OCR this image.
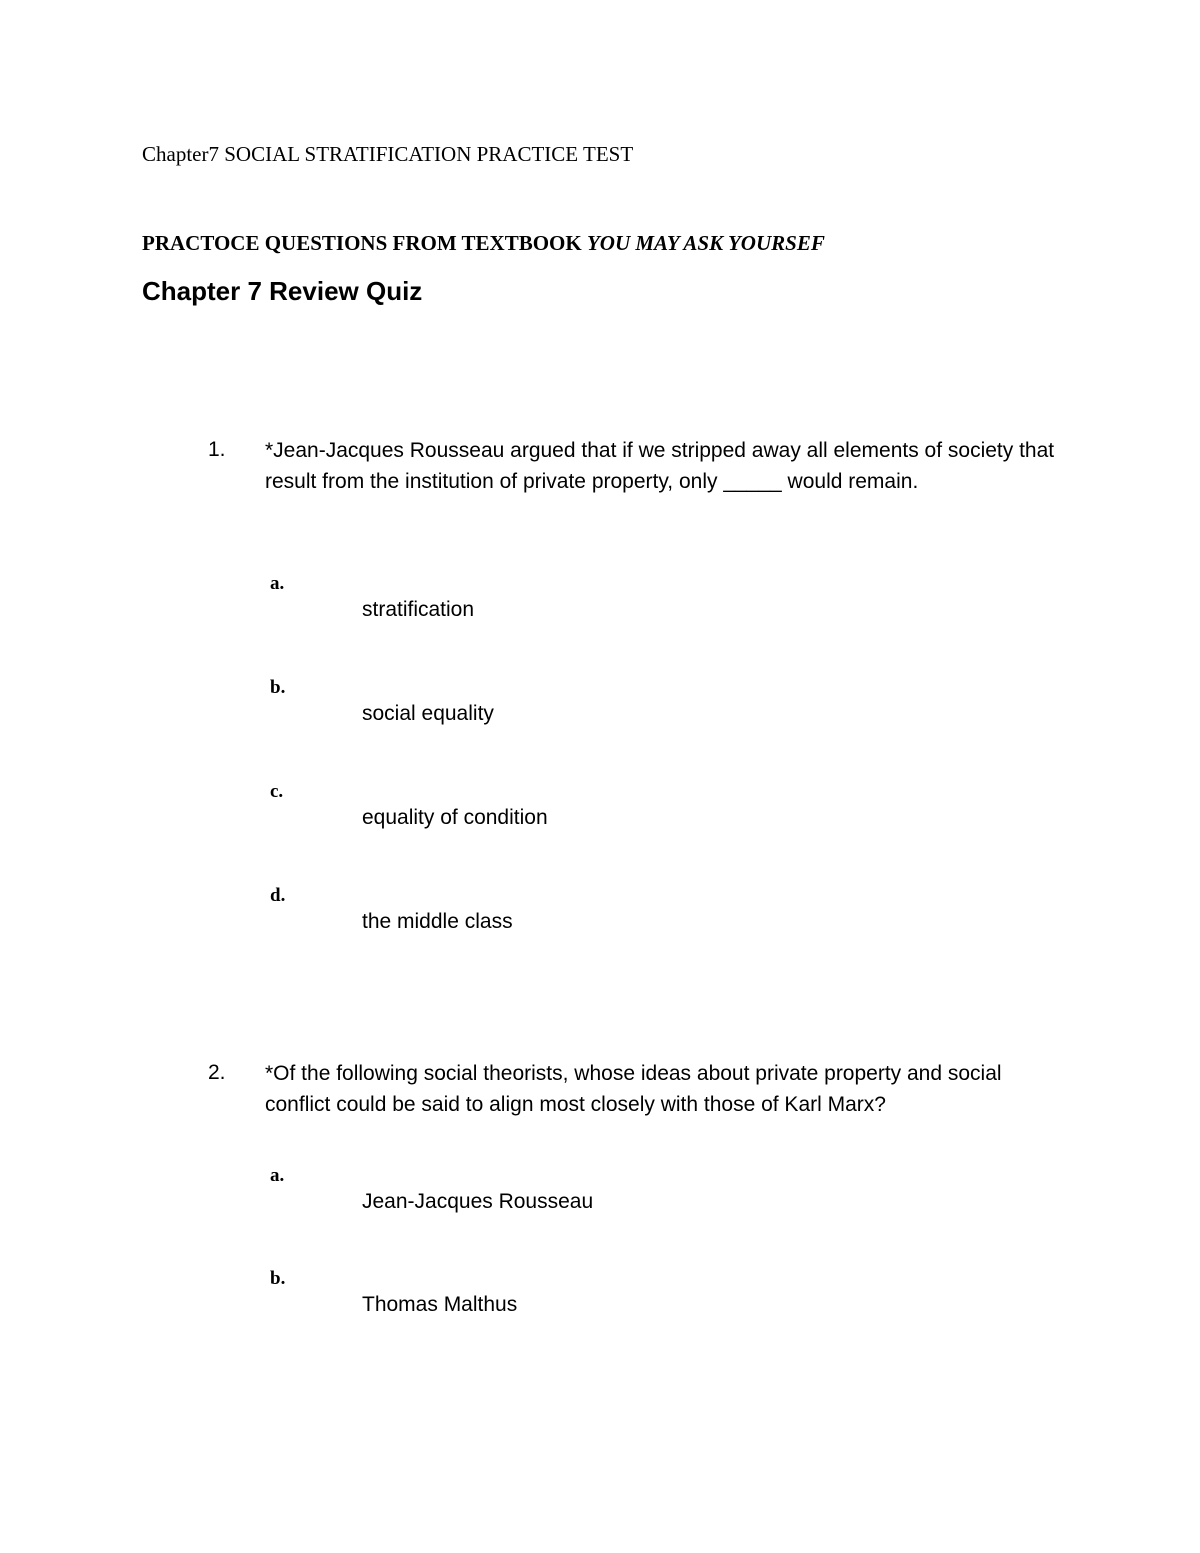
Chapter7 SOCIAL STRATIFICATION PRACTICE TEST
PRACTOCE QUESTIONS FROM TEXTBOOK YOU MAY ASK YOURSEF
Chapter 7 Review Quiz
1. *Jean-Jacques Rousseau argued that if we stripped away all elements of society that result from the institution of private property, only _____ would remain.
a.
stratification
b.
social equality
c.
equality of condition
d.
the middle class
2. *Of the following social theorists, whose ideas about private property and social conflict could be said to align most closely with those of Karl Marx?
a.
Jean-Jacques Rousseau
b.
Thomas Malthus
